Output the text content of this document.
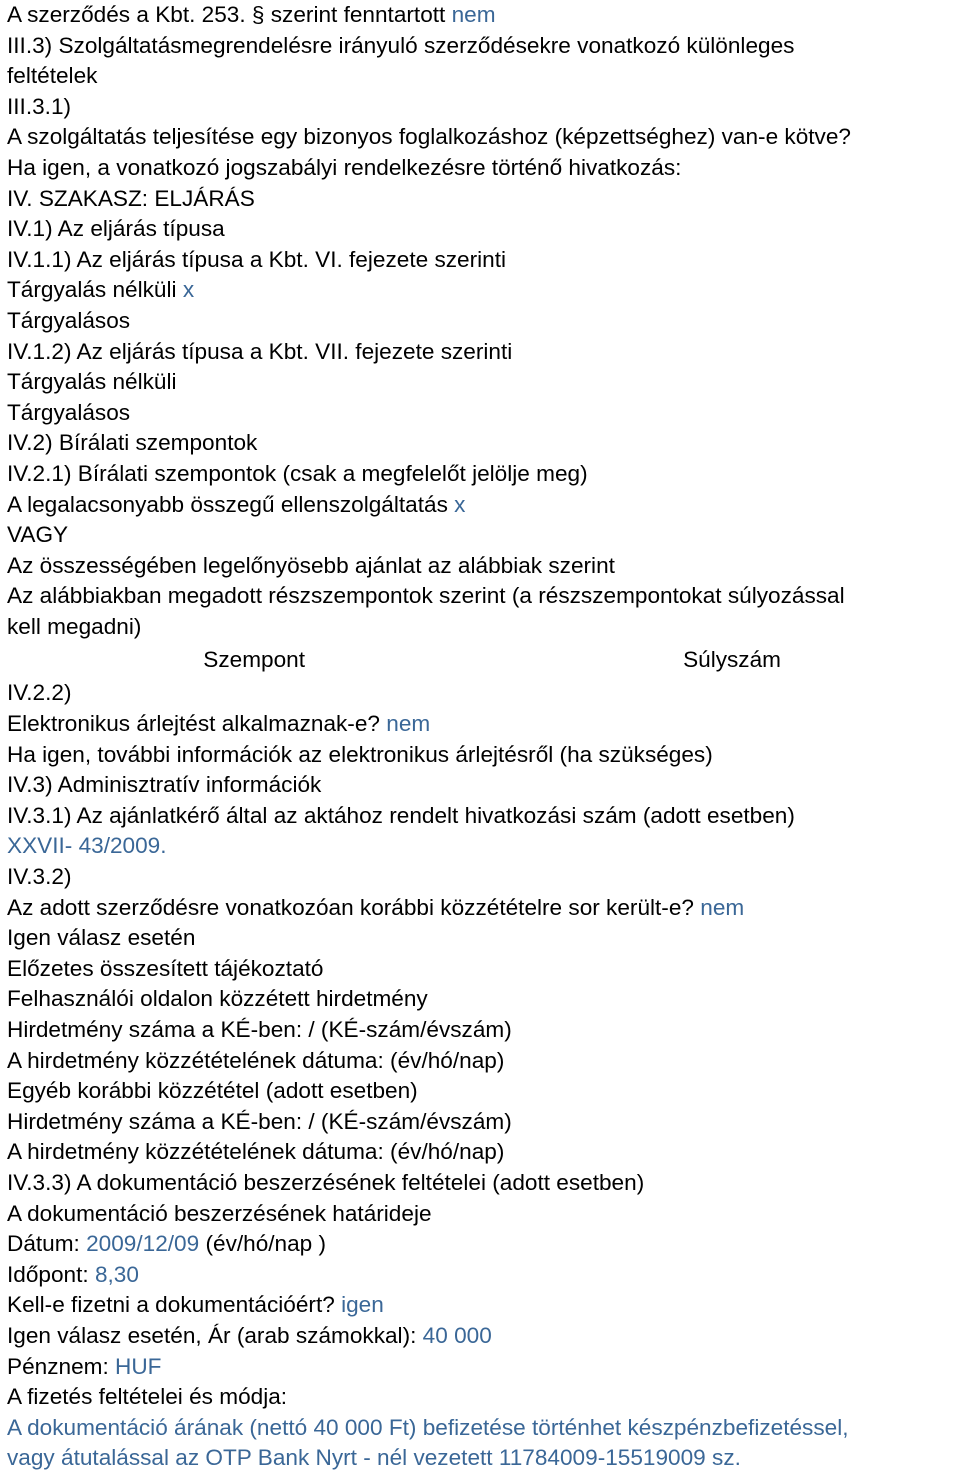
A szerződés a Kbt. 253. § szerint fenntartott nem
III.3) Szolgáltatásmegrendelésre irányuló szerződésekre vonatkozó különleges
feltételek
III.3.1)
A szolgáltatás teljesítése egy bizonyos foglalkozáshoz (képzettséghez) van-e kötve?
Ha igen, a vonatkozó jogszabályi rendelkezésre történő hivatkozás:
IV. SZAKASZ: ELJÁRÁS
IV.1) Az eljárás típusa
IV.1.1) Az eljárás típusa a Kbt. VI. fejezete szerinti
Tárgyalás nélküli x
Tárgyalásos
IV.1.2) Az eljárás típusa a Kbt. VII. fejezete szerinti
Tárgyalás nélküli
Tárgyalásos
IV.2) Bírálati szempontok
IV.2.1) Bírálati szempontok (csak a megfelelőt jelölje meg)
A legalacsonyabb összegű ellenszolgáltatás x
VAGY
Az összességében legelőnyösebb ajánlat az alábbiak szerint
Az alábbiakban megadott részszempontok szerint (a részszempontokat súlyozással
kell megadni)
Szempont	Súlyszám
IV.2.2)
Elektronikus árlejtést alkalmaznak-e? nem
Ha igen, további információk az elektronikus árlejtésről (ha szükséges)
IV.3) Adminisztratív információk
IV.3.1) Az ajánlatkérő által az aktához rendelt hivatkozási szám (adott esetben)
XXVII- 43/2009.
IV.3.2)
Az adott szerződésre vonatkozóan korábbi közzétételre sor került-e? nem
Igen válasz esetén
Előzetes összesített tájékoztató
Felhasználói oldalon közzétett hirdetmény
Hirdetmény száma a KÉ-ben: / (KÉ-szám/évszám)
A hirdetmény közzétételének dátuma: (év/hó/nap)
Egyéb korábbi közzététel (adott esetben)
Hirdetmény száma a KÉ-ben: / (KÉ-szám/évszám)
A hirdetmény közzétételének dátuma: (év/hó/nap)
IV.3.3) A dokumentáció beszerzésének feltételei (adott esetben)
A dokumentáció beszerzésének határideje
Dátum: 2009/12/09 (év/hó/nap )
Időpont: 8,30
Kell-e fizetni a dokumentációért? igen
Igen válasz esetén, Ár (arab számokkal): 40 000
Pénznem: HUF
A fizetés feltételei és módja:
A dokumentáció árának (nettó 40 000 Ft) befizetése történhet készpénzbefizetéssel,
vagy átutalással az OTP Bank Nyrt - nél vezetett 11784009-15519009 sz.
